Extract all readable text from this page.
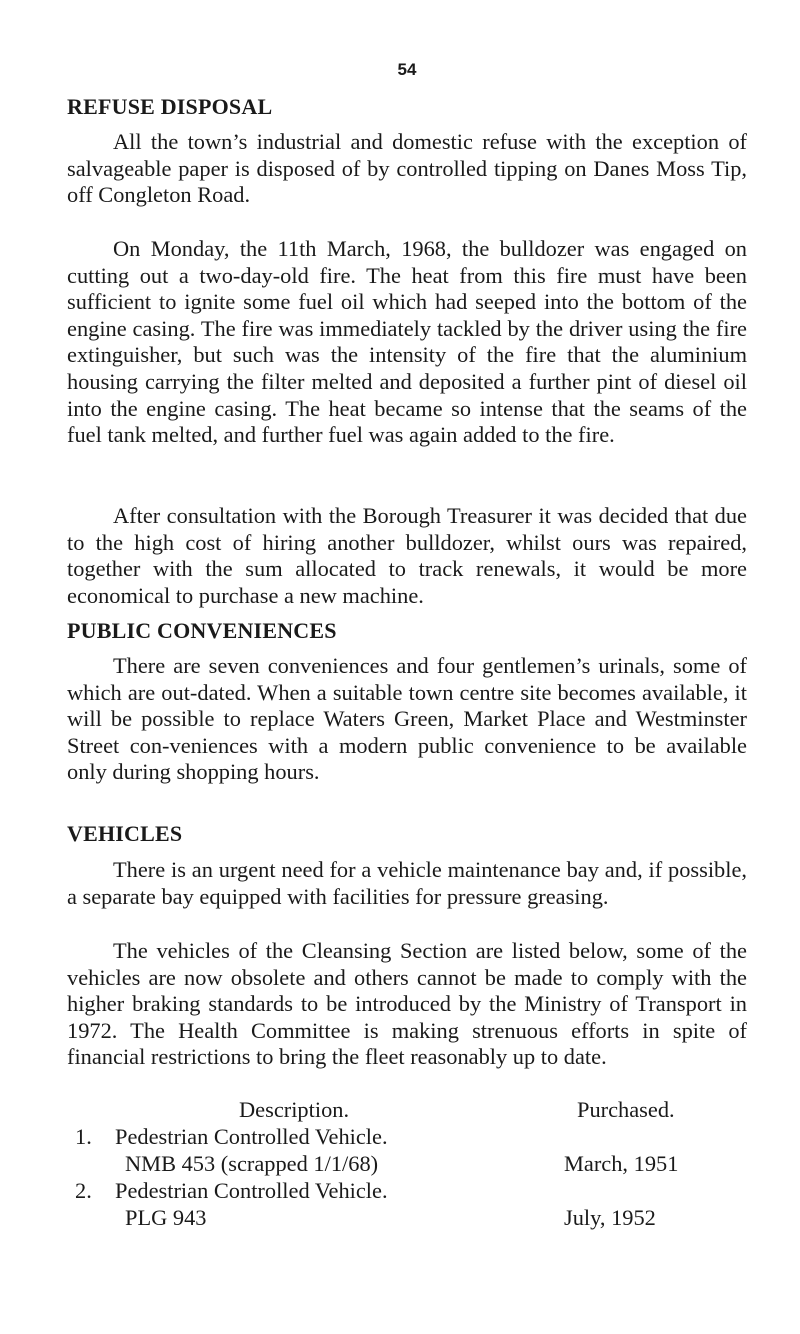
54
REFUSE DISPOSAL

All the town’s industrial and domestic refuse with the exception of salvageable paper is disposed of by controlled tipping on Danes Moss Tip, off Congleton Road.

On Monday, the 11th March, 1968, the bulldozer was engaged on cutting out a two-day-old fire. The heat from this fire must have been sufficient to ignite some fuel oil which had seeped into the bottom of the engine casing. The fire was immediately tackled by the driver using the fire extinguisher, but such was the intensity of the fire that the aluminium housing carrying the filter melted and deposited a further pint of diesel oil into the engine casing. The heat became so intense that the seams of the fuel tank melted, and further fuel was again added to the fire.

After consultation with the Borough Treasurer it was decided that due to the high cost of hiring another bulldozer, whilst ours was repaired, together with the sum allocated to track renewals, it would be more economical to purchase a new machine.

PUBLIC CONVENIENCES

There are seven conveniences and four gentlemen’s urinals, some of which are out-dated. When a suitable town centre site becomes available, it will be possible to replace Waters Green, Market Place and Westminster Street con-veniences with a modern public convenience to be available only during shopping hours.

VEHICLES

There is an urgent need for a vehicle maintenance bay and, if possible, a separate bay equipped with facilities for pressure greasing.

The vehicles of the Cleansing Section are listed below, some of the vehicles are now obsolete and others cannot be made to comply with the higher braking standards to be introduced by the Ministry of Transport in 1972. The Health Committee is making strenuous efforts in spite of financial restrictions to bring the fleet reasonably up to date.

Description.	Purchased.
1. Pedestrian Controlled Vehicle.
NMB 453 (scrapped 1/1/68)	March, 1951
2. Pedestrian Controlled Vehicle.
PLG 943	July, 1952
